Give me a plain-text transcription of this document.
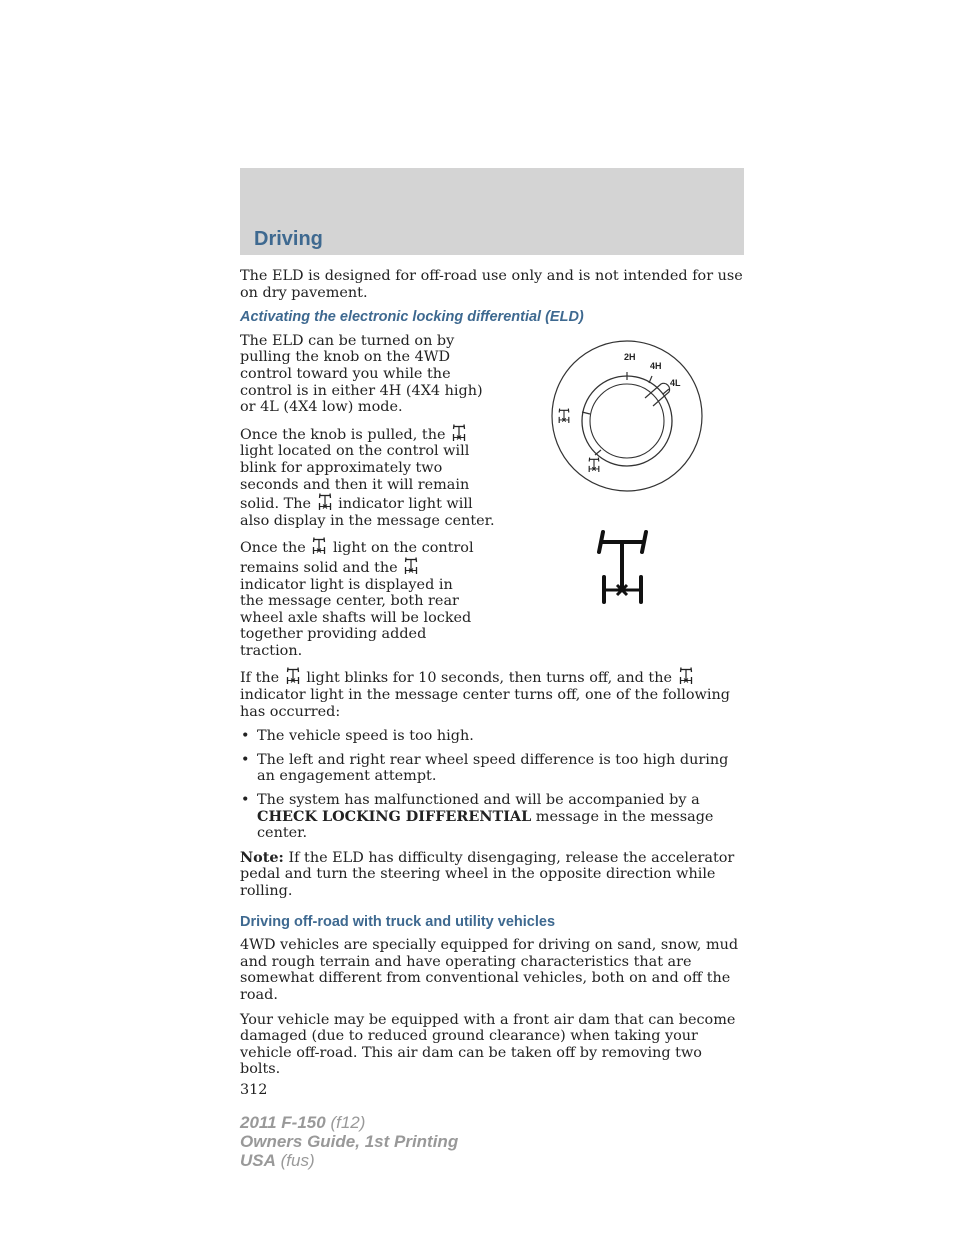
Driving

The ELD is designed for off-road use only and is not intended for use on dry pavement.

Activating the electronic locking differential (ELD)

The ELD can be turned on by pulling the knob on the 4WD control toward you while the control is in either 4H (4X4 high) or 4L (4X4 low) mode.

Once the knob is pulled, the  light located on the control will blink for approximately two seconds and then it will remain solid. The indicator light will also display in the message center.

Once the light on the control remains solid and the  indicator light is displayed in the message center, both rear wheel axle shafts will be locked together providing added traction.

If the light blinks for 10 seconds, then turns off, and the  indicator light in the message center turns off, one of the following has occurred:

• The vehicle speed is too high.
• The left and right rear wheel speed difference is too high during an engagement attempt.
• The system has malfunctioned and will be accompanied by a CHECK LOCKING DIFFERENTIAL message in the message center.

Note: If the ELD has difficulty disengaging, release the accelerator pedal and turn the steering wheel in the opposite direction while rolling.

Driving off-road with truck and utility vehicles

4WD vehicles are specially equipped for driving on sand, snow, mud and rough terrain and have operating characteristics that are somewhat different from conventional vehicles, both on and off the road.

Your vehicle may be equipped with a front air dam that can become damaged (due to reduced ground clearance) when taking your vehicle off-road. This air dam can be taken off by removing two bolts.

312
2H
4H
4L
2011 F-150 (f12)
Owners Guide, 1st Printing
USA (fus)
